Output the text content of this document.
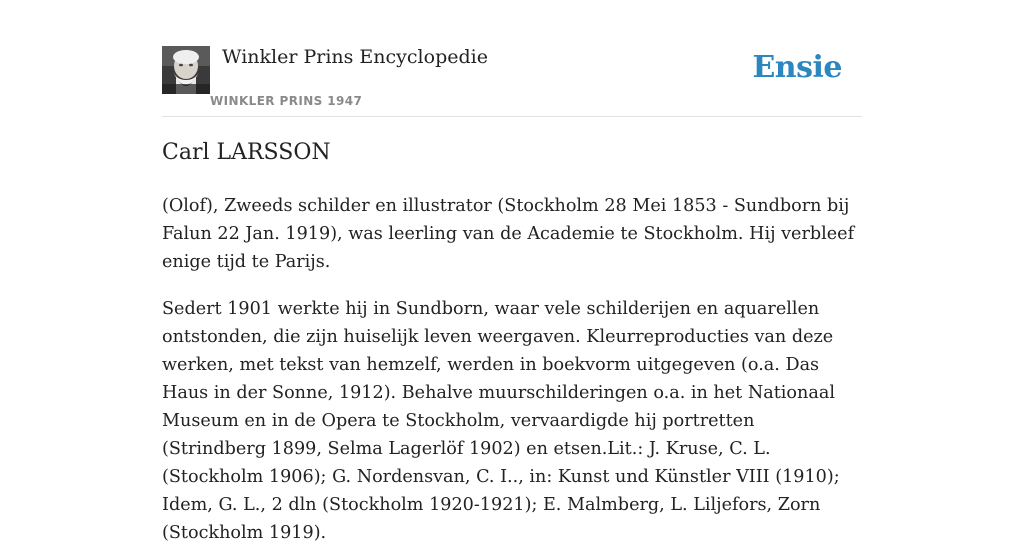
Winkler Prins Encyclopedie
WINKLER PRINS 1947
Ensie
Carl LARSSON

(Olof), Zweeds schilder en illustrator (Stockholm 28 Mei 1853 - Sundborn bij Falun 22 Jan. 1919), was leerling van de Academie te Stockholm. Hij verbleef enige tijd te Parijs.

Sedert 1901 werkte hij in Sundborn, waar vele schilderijen en aquarellen ontstonden, die zijn huiselijk leven weergaven. Kleurreproducties van deze werken, met tekst van hemzelf, werden in boekvorm uitgegeven (o.a. Das Haus in der Sonne, 1912). Behalve muurschilderingen o.a. in het Nationaal Museum en in de Opera te Stockholm, vervaardigde hij portretten (Strindberg 1899, Selma Lagerlöf 1902) en etsen.Lit.: J. Kruse, C. L. (Stockholm 1906); G. Nordensvan, C. I.., in: Kunst und Künstler VIII (1910); Idem, G. L., 2 dln (Stockholm 1920-1921); E. Malmberg, L. Liljefors, Zorn (Stockholm 1919).
